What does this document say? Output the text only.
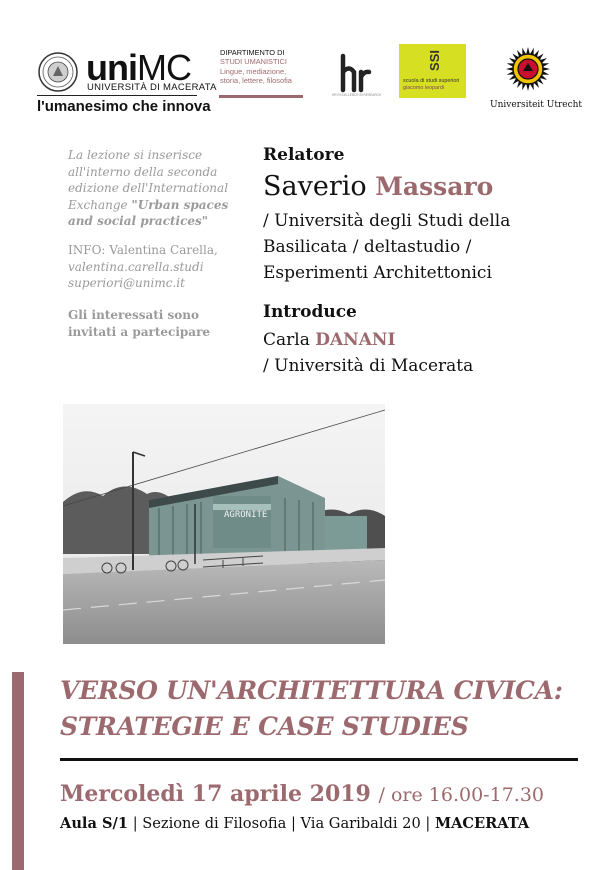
uniMC
UNIVERSITÀ DI MACERATA
l'umanesimo che innova
DIPARTIMENTO DI
STUDI UMANISTICI
Lingue, mediazione,
storia, lettere, filosofia
HR EXCELLENCE IN RESEARCH
SSI
scuola di studi superiori
giacomo leopardi
Universiteit Utrecht
La lezione si inserisce
all'interno della seconda
edizione dell'International
Exchange "Urban spaces
and social practices"
INFO: Valentina Carella,
valentina.carella.studi
superiori@unimc.it
Gli interessati sono
invitati a partecipare
Relatore
Saverio Massaro
/ Università degli Studi della
Basilicata / deltastudio /
Esperimenti Architettonici
Introduce
Carla DANANI
/ Università di Macerata
AGRONITE
VERSO UN'ARCHITETTURA CIVICA:
STRATEGIE E CASE STUDIES
Mercoledì 17 aprile 2019 / ore 16.00-17.30
Aula S/1 | Sezione di Filosofia | Via Garibaldi 20 | MACERATA
